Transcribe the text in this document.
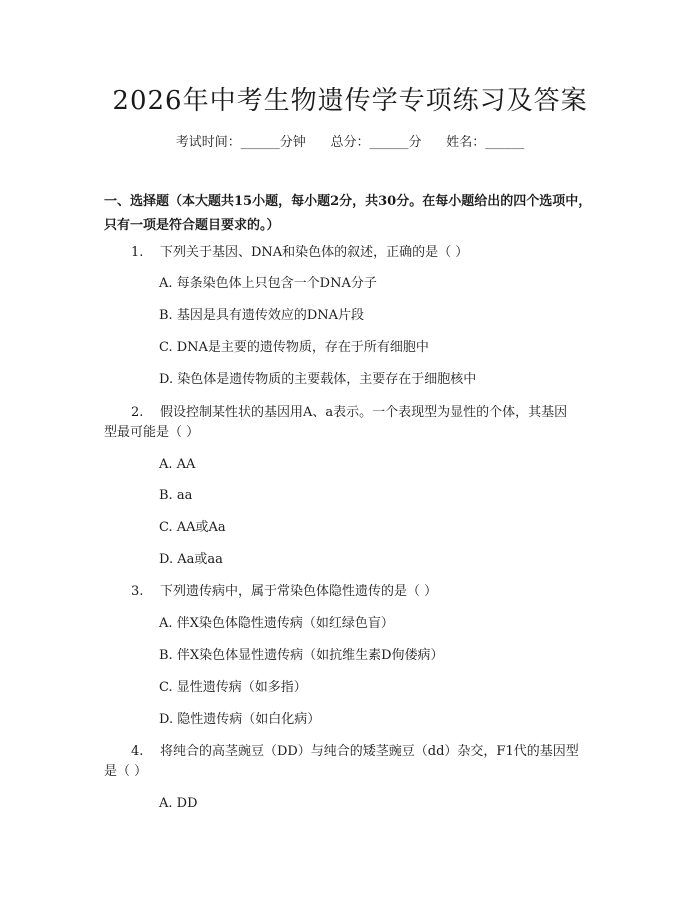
2026年中考生物遗传学专项练习及答案
考试时间：______分钟      总分：______分      姓名：______
一、选择题（本大题共15小题，每小题2分，共30分。在每小题给出的四个选项中，只有一项是符合题目要求的。）
1. 下列关于基因、DNA和染色体的叙述，正确的是（ ）
A. 每条染色体上只包含一个DNA分子
B. 基因是具有遗传效应的DNA片段
C. DNA是主要的遗传物质，存在于所有细胞中
D. 染色体是遗传物质的主要载体，主要存在于细胞核中
2. 假设控制某性状的基因用A、a表示。一个表现型为显性的个体，其基因
型最可能是（ ）
A. AA
B. aa
C. AA或Aa
D. Aa或aa
3. 下列遗传病中，属于常染色体隐性遗传的是（ ）
A. 伴X染色体隐性遗传病（如红绿色盲）
B. 伴X染色体显性遗传病（如抗维生素D佝偻病）
C. 显性遗传病（如多指）
D. 隐性遗传病（如白化病）
4. 将纯合的高茎豌豆（DD）与纯合的矮茎豌豆（dd）杂交，F1代的基因型
是（ ）
A. DD
